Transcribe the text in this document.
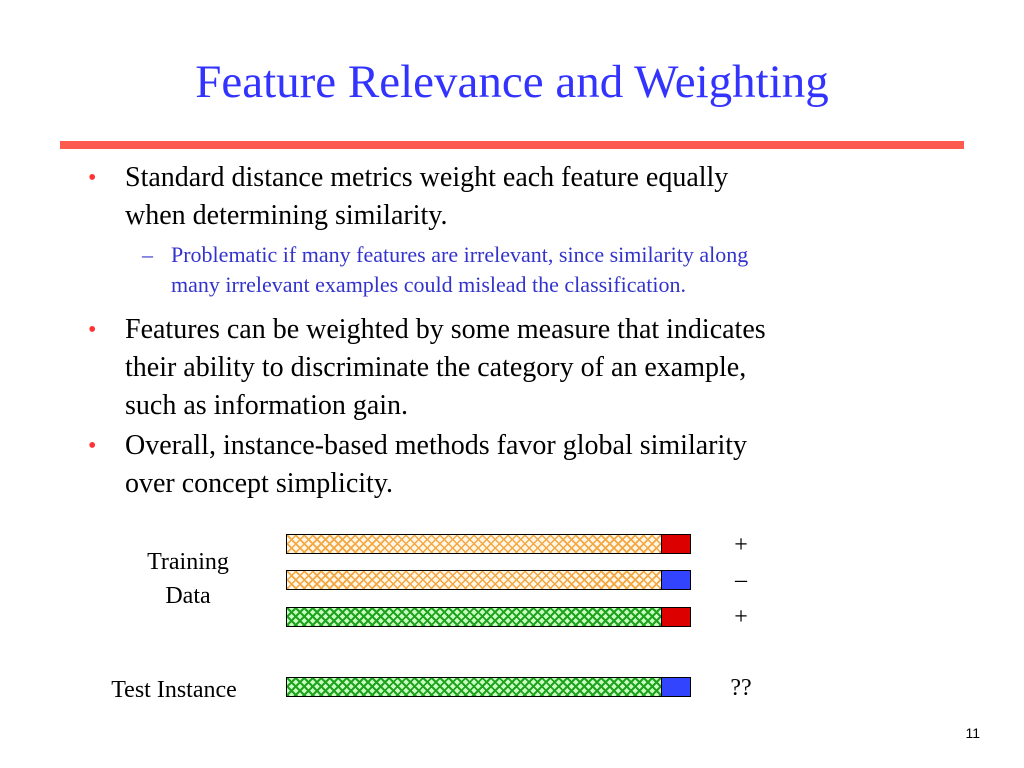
Feature Relevance and Weighting
• Standard distance metrics weight each feature equally
when determining similarity.
– Problematic if many features are irrelevant, since similarity along
many irrelevant examples could mislead the classification.
• Features can be weighted by some measure that indicates
their ability to discriminate the category of an example,
such as information gain.
• Overall, instance-based methods favor global similarity
over concept simplicity.
Training
Data
Test Instance
+
–
+
??
11
